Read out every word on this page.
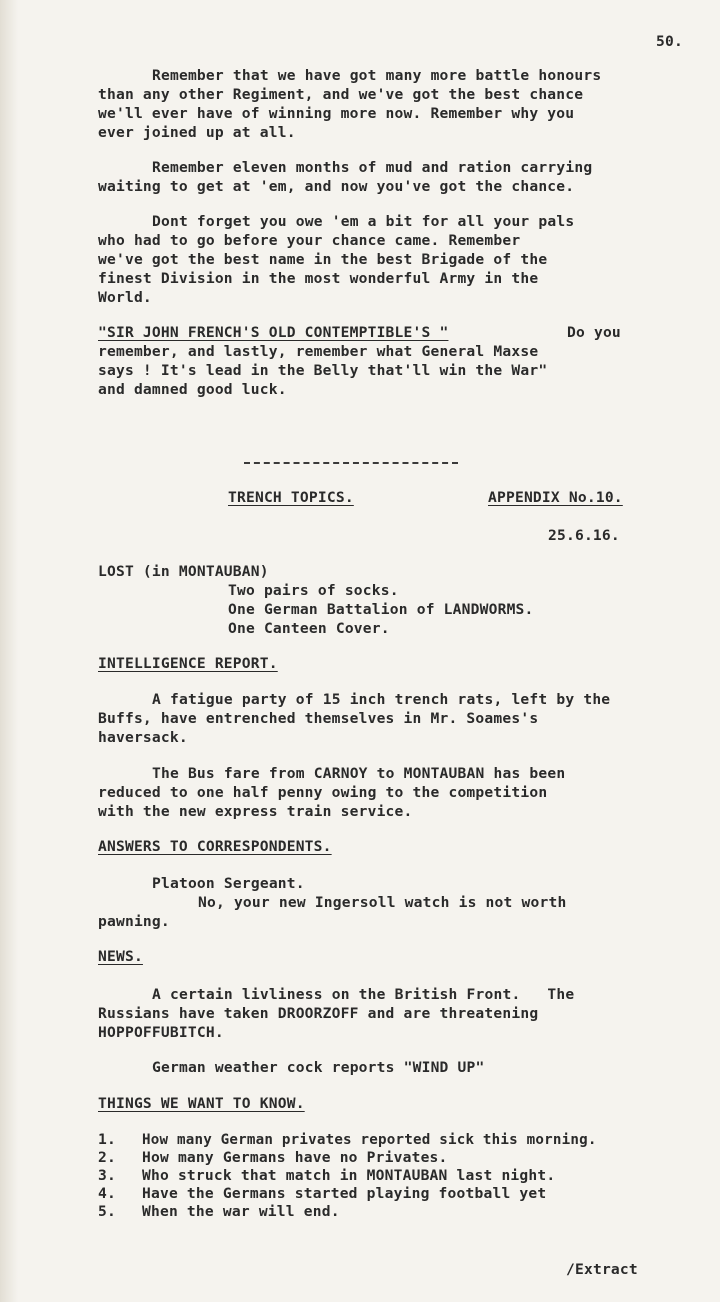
50.
Remember that we have got many more battle honours
than any other Regiment, and we've got the best chance
we'll ever have of winning more now. Remember why you
ever joined up at all.
Remember eleven months of mud and ration carrying
waiting to get at 'em, and now you've got the chance.
Dont forget you owe 'em a bit for all your pals
who had to go before your chance came. Remember
we've got the best name in the best Brigade of the
finest Division in the most wonderful Army in the
World.
"SIR JOHN FRENCH'S OLD CONTEMPTIBLE'S "	Do you
remember, and lastly, remember what General Maxse
says ! It's lead in the Belly that'll win the War"
and damned good luck.
TRENCH TOPICS.	APPENDIX No.10.
25.6.16.
LOST (in MONTAUBAN)
Two pairs of socks.
One German Battalion of LANDWORMS.
One Canteen Cover.
INTELLIGENCE REPORT.
A fatigue party of 15 inch trench rats, left by the
Buffs, have entrenched themselves in Mr. Soames's
haversack.
The Bus fare from CARNOY to MONTAUBAN has been
reduced to one half penny owing to the competition
with the new express train service.
ANSWERS TO CORRESPONDENTS.
Platoon Sergeant.
No, your new Ingersoll watch is not worth
pawning.
NEWS.
A certain livliness on the British Front.   The
Russians have taken DROORZOFF and are threatening
HOPPOFFUBITCH.
German weather cock reports "WIND UP"
THINGS WE WANT TO KNOW.
1. How many German privates reported sick this morning.
2. How many Germans have no Privates.
3. Who struck that match in MONTAUBAN last night.
4. Have the Germans started playing football yet
5. When the war will end.
/Extract
